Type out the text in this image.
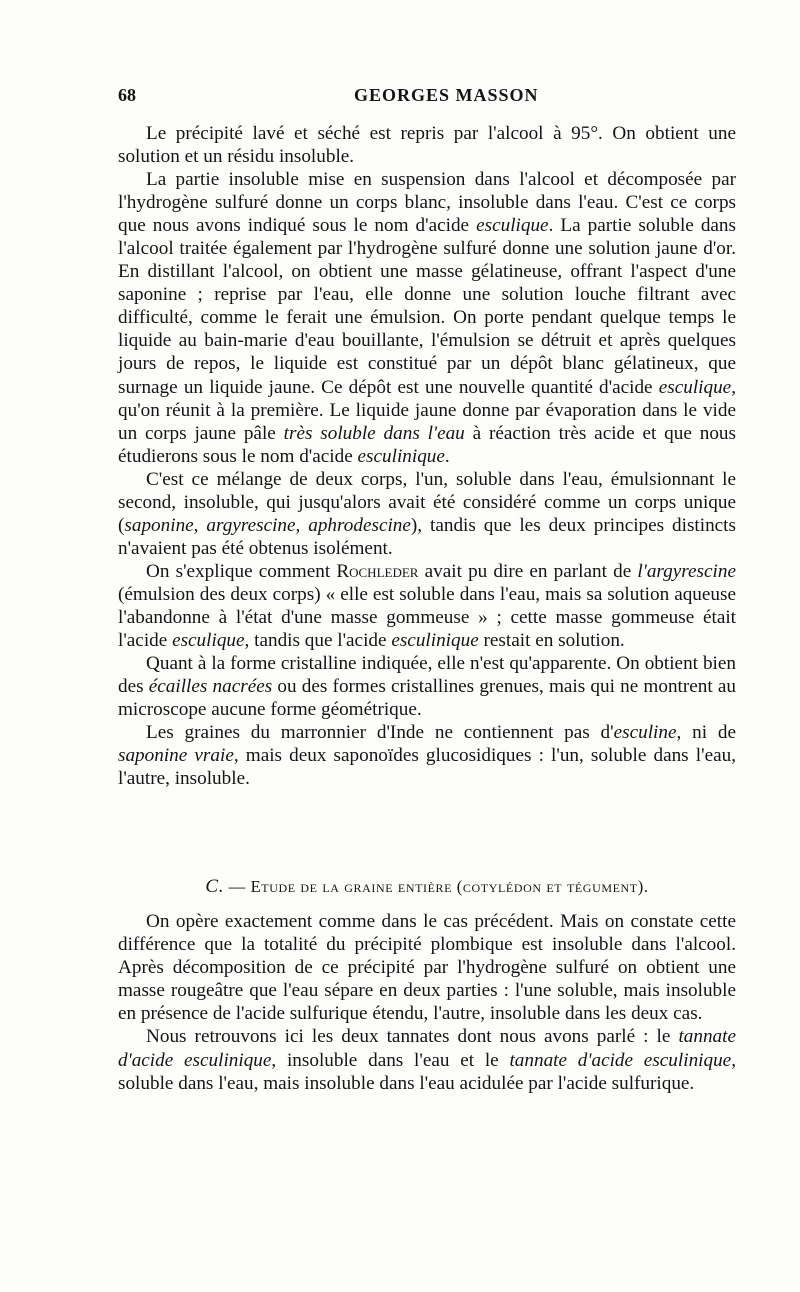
68	GEORGES MASSON

Le précipité lavé et séché est repris par l'alcool à 95°. On obtient une solution et un résidu insoluble.

La partie insoluble mise en suspension dans l'alcool et décomposée par l'hydrogène sulfuré donne un corps blanc, insoluble dans l'eau. C'est ce corps que nous avons indiqué sous le nom d'acide esculique. La partie soluble dans l'alcool traitée également par l'hydrogène sulfuré donne une solution jaune d'or. En distillant l'alcool, on obtient une masse gélatineuse, offrant l'aspect d'une saponine ; reprise par l'eau, elle donne une solution louche filtrant avec difficulté, comme le ferait une émulsion. On porte pendant quelque temps le liquide au bain-marie d'eau bouillante, l'émulsion se détruit et après quelques jours de repos, le liquide est constitué par un dépôt blanc gélatineux, que surnage un liquide jaune. Ce dépôt est une nouvelle quantité d'acide esculique, qu'on réunit à la première. Le liquide jaune donne par évaporation dans le vide un corps jaune pâle très soluble dans l'eau à réaction très acide et que nous étudierons sous le nom d'acide esculinique.

C'est ce mélange de deux corps, l'un, soluble dans l'eau, émulsionnant le second, insoluble, qui jusqu'alors avait été considéré comme un corps unique (saponine, argyrescine, aphrodescine), tandis que les deux principes distincts n'avaient pas été obtenus isolément.

On s'explique comment Rochleder avait pu dire en parlant de l'argyrescine (émulsion des deux corps) « elle est soluble dans l'eau, mais sa solution aqueuse l'abandonne à l'état d'une masse gommeuse » ; cette masse gommeuse était l'acide esculique, tandis que l'acide esculinique restait en solution.

Quant à la forme cristalline indiquée, elle n'est qu'apparente. On obtient bien des écailles nacrées ou des formes cristallines grenues, mais qui ne montrent au microscope aucune forme géométrique.

Les graines du marronnier d'Inde ne contiennent pas d'esculine, ni de saponine vraie, mais deux saponoïdes glucosidiques : l'un, soluble dans l'eau, l'autre, insoluble.

C. — Etude de la graine entière (cotylédon et tégument).

On opère exactement comme dans le cas précédent. Mais on constate cette différence que la totalité du précipité plombique est insoluble dans l'alcool. Après décomposition de ce précipité par l'hydrogène sulfuré on obtient une masse rougeâtre que l'eau sépare en deux parties : l'une soluble, mais insoluble en présence de l'acide sulfurique étendu, l'autre, insoluble dans les deux cas.

Nous retrouvons ici les deux tannates dont nous avons parlé : le tannate d'acide esculinique, insoluble dans l'eau et le tannate d'acide esculinique, soluble dans l'eau, mais insoluble dans l'eau acidulée par l'acide sulfurique.
